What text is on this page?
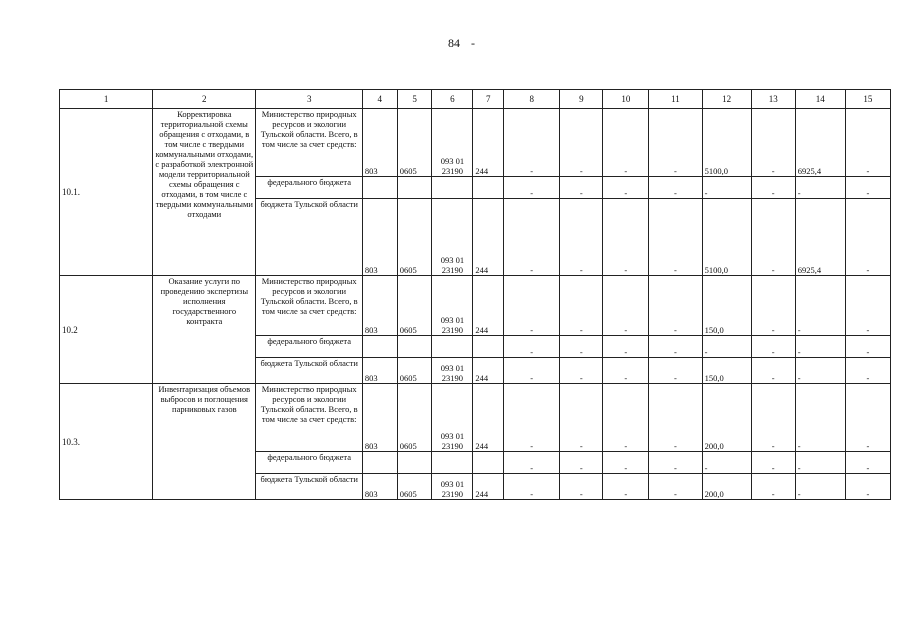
84 -
1	2	3	4	5	6	7	8	9	10	11	12	13	14	15
10.1.	Корректировка территориальной схемы обращения с отходами, в том числе с твердыми коммунальными отходами, с разработкой электронной модели территориальной схемы обращения с отходами, в том числе с твердыми коммунальными отходами	Министерство природных ресурсов и экологии Тульской области. Всего, в том числе за счет средств:	803	0605	093 01 23190	244	-	-	-	-	5100,0	-	6925,4	-
		федерального бюджета					-	-	-	-	-	-	-	-
		бюджета Тульской области	803	0605	093 01 23190	244	-	-	-	-	5100,0	-	6925,4	-
10.2	Оказание услуги по проведению экспертизы исполнения государственного контракта	Министерство природных ресурсов и экологии Тульской области. Всего, в том числе за счет средств:	803	0605	093 01 23190	244	-	-	-	-	150,0	-	-	-
		федерального бюджета					-	-	-	-	-	-	-	-
		бюджета Тульской области	803	0605	093 01 23190	244	-	-	-	-	150,0	-	-	-
10.3.	Инвентаризация объемов выбросов и поглощения парниковых газов	Министерство природных ресурсов и экологии Тульской области. Всего, в том числе за счет средств:	803	0605	093 01 23190	244	-	-	-	-	200,0	-	-	-
		федерального бюджета					-	-	-	-	-	-	-	-
		бюджета Тульской области	803	0605	093 01 23190	244	-	-	-	-	200,0	-	-	-
